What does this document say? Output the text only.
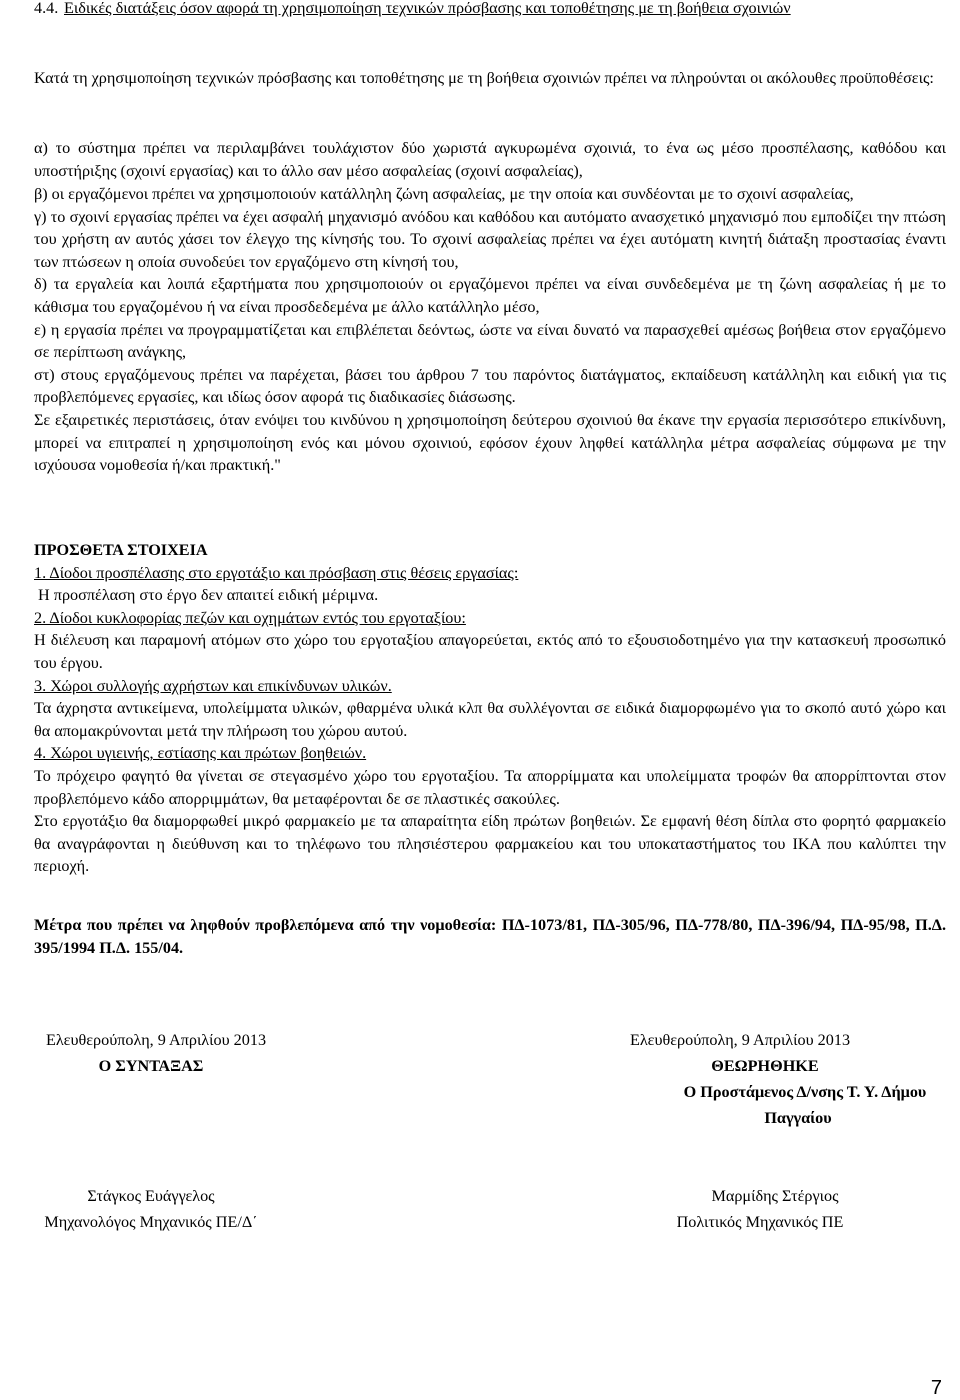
4.4. Ειδικές διατάξεις όσον αφορά τη χρησιμοποίηση τεχνικών πρόσβασης και τοποθέτησης με τη βοήθεια σχοινιών
Κατά τη χρησιμοποίηση τεχνικών πρόσβασης και τοποθέτησης με τη βοήθεια σχοινιών πρέπει να πληρούνται οι ακόλουθες προϋποθέσεις:
α) το σύστημα πρέπει να περιλαμβάνει τουλάχιστον δύο χωριστά αγκυρωμένα σχοινιά, το ένα ως μέσο προσπέλασης, καθόδου και υποστήριξης (σχοινί εργασίας) και το άλλο σαν μέσο ασφαλείας (σχοινί ασφαλείας),
β) οι εργαζόμενοι πρέπει να χρησιμοποιούν κατάλληλη ζώνη ασφαλείας, με την οποία και συνδέονται με το σχοινί ασφαλείας,
γ) το σχοινί εργασίας πρέπει να έχει ασφαλή μηχανισμό ανόδου και καθόδου και αυτόματο ανασχετικό μηχανισμό που εμποδίζει την πτώση του χρήστη αν αυτός χάσει τον έλεγχο της κίνησής του. Το σχοινί ασφαλείας πρέπει να έχει αυτόματη κινητή διάταξη προστασίας έναντι των πτώσεων η οποία συνοδεύει τον εργαζόμενο στη κίνησή του,
δ) τα εργαλεία και λοιπά εξαρτήματα που χρησιμοποιούν οι εργαζόμενοι πρέπει να είναι συνδεδεμένα με τη ζώνη ασφαλείας ή με το κάθισμα του εργαζομένου ή να είναι προσδεδεμένα με άλλο κατάλληλο μέσο,
ε) η εργασία πρέπει να προγραμματίζεται και επιβλέπεται δεόντως, ώστε να είναι δυνατό να παρασχεθεί αμέσως βοήθεια στον εργαζόμενο σε περίπτωση ανάγκης,
στ) στους εργαζόμενους πρέπει να παρέχεται, βάσει του άρθρου 7 του παρόντος διατάγματος, εκπαίδευση κατάλληλη και ειδική για τις προβλεπόμενες εργασίες, και ιδίως όσον αφορά τις διαδικασίες διάσωσης.
Σε εξαιρετικές περιστάσεις, όταν ενόψει του κινδύνου η χρησιμοποίηση δεύτερου σχοινιού θα έκανε την εργασία περισσότερο επικίνδυνη, μπορεί να επιτραπεί η χρησιμοποίηση ενός και μόνου σχοινιού, εφόσον έχουν ληφθεί κατάλληλα μέτρα ασφαλείας σύμφωνα με την ισχύουσα νομοθεσία ή/και πρακτική."
ΠΡΟΣΘΕΤΑ ΣΤΟΙΧΕΙΑ
1. Δίοδοι προσπέλασης στο εργοτάξιο και πρόσβαση στις θέσεις εργασίας:
Η προσπέλαση στο έργο δεν απαιτεί ειδική μέριμνα.
2. Δίοδοι κυκλοφορίας πεζών και οχημάτων εντός του εργοταξίου:
Η διέλευση και παραμονή ατόμων στο χώρο του εργοταξίου απαγορεύεται, εκτός από το εξουσιοδοτημένο για την κατασκευή προσωπικό του έργου.
3. Χώροι συλλογής αχρήστων και επικίνδυνων υλικών.
Τα άχρηστα αντικείμενα, υπολείμματα υλικών, φθαρμένα υλικά κλπ θα συλλέγονται σε ειδικά διαμορφωμένο για το σκοπό αυτό χώρο και θα απομακρύνονται μετά την πλήρωση του χώρου αυτού.
4. Χώροι υγιεινής, εστίασης και πρώτων βοηθειών.
Το πρόχειρο φαγητό θα γίνεται σε στεγασμένο χώρο του εργοταξίου. Τα απορρίμματα και υπολείμματα τροφών θα απορρίπτονται στον προβλεπόμενο κάδο απορριμμάτων, θα μεταφέρονται δε σε πλαστικές σακούλες.
Στο εργοτάξιο θα διαμορφωθεί μικρό φαρμακείο με τα απαραίτητα είδη πρώτων βοηθειών. Σε εμφανή θέση δίπλα στο φορητό φαρμακείο θα αναγράφονται η διεύθυνση και το τηλέφωνο του πλησιέστερου φαρμακείου και του υποκαταστήματος του ΙΚΑ που καλύπτει την περιοχή.
Μέτρα που πρέπει να ληφθούν προβλεπόμενα από την νομοθεσία: ΠΔ-1073/81, ΠΔ-305/96, ΠΔ-778/80, ΠΔ-396/94, ΠΔ-95/98, Π.Δ. 395/1994 Π.Δ. 155/04.
Ελευθερούπολη, 9 Απριλίου 2013
Ο ΣΥΝΤΑΞΑΣ
Στάγκος Ευάγγελος
Μηχανολόγος Μηχανικός ΠΕ/Δ΄
Ελευθερούπολη, 9 Απριλίου 2013
ΘΕΩΡΗΘΗΚΕ
Ο Προστάμενος Δ/νσης Τ. Υ. Δήμου
Παγγαίου
Μαρμίδης Στέργιος
Πολιτικός Μηχανικός ΠΕ
7
